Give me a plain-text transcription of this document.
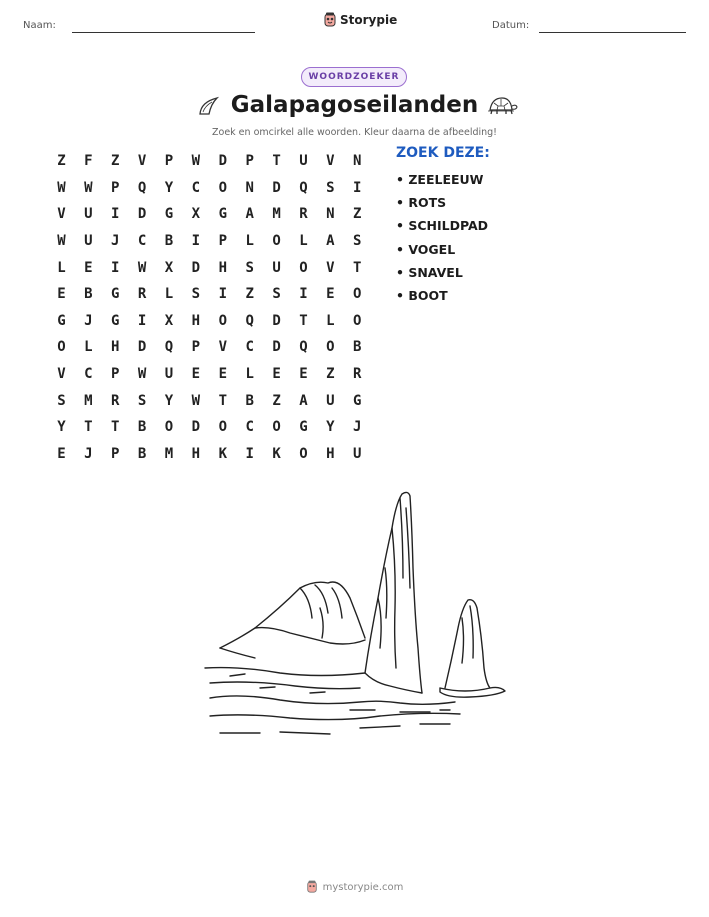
Naam:	Datum:
Storypie
WOORDZOEKER
Galapagoseilanden
Zoek en omcirkel alle woorden. Kleur daarna de afbeelding!
Z	F	Z	V	P	W	D	P	T	U	V	N
W	W	P	Q	Y	C	O	N	D	Q	S	I
V	U	I	D	G	X	G	A	M	R	N	Z
W	U	J	C	B	I	P	L	O	L	A	S
L	E	I	W	X	D	H	S	U	O	V	T
E	B	G	R	L	S	I	Z	S	I	E	O
G	J	G	I	X	H	O	Q	D	T	L	O
O	L	H	D	Q	P	V	C	D	Q	O	B
V	C	P	W	U	E	E	L	E	E	Z	R
S	M	R	S	Y	W	T	B	Z	A	U	G
Y	T	T	B	O	D	O	C	O	G	Y	J
E	J	P	B	M	H	K	I	K	O	H	U
ZOEK DEZE:
• ZEELEEUW
• ROTS
• SCHILDPAD
• VOGEL
• SNAVEL
• BOOT
mystorypie.com
